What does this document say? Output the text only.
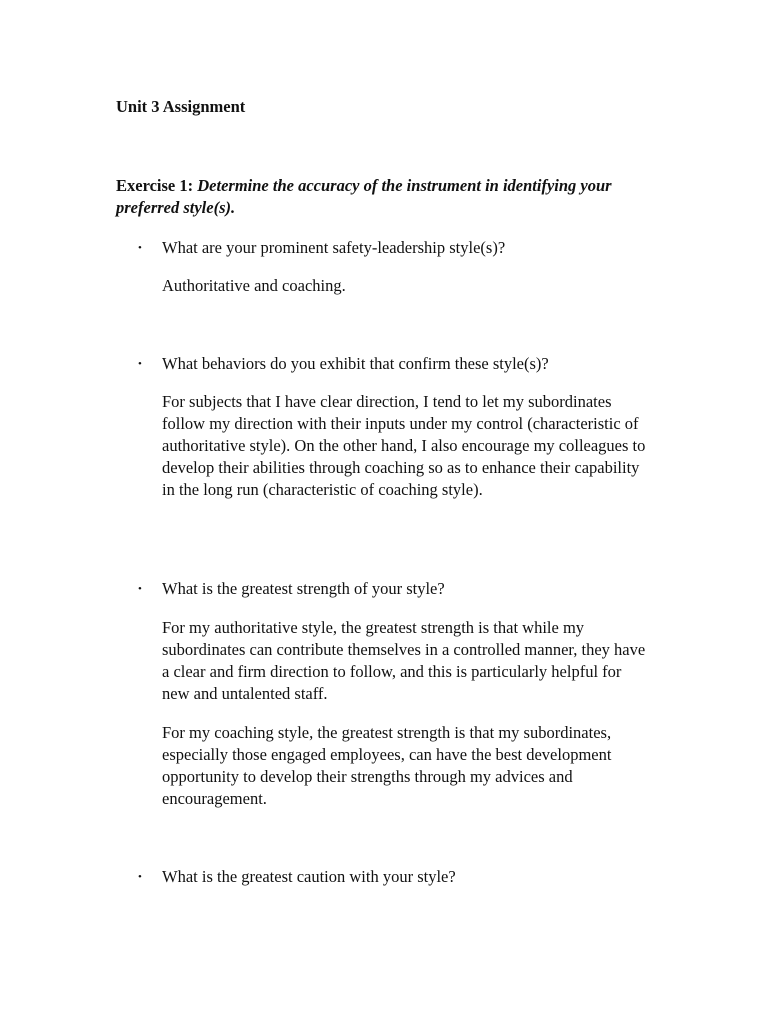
Unit 3 Assignment

Exercise 1: Determine the accuracy of the instrument in identifying your preferred style(s).

•	What are your prominent safety-leadership style(s)?

Authoritative and coaching.

•	What behaviors do you exhibit that confirm these style(s)?

For subjects that I have clear direction, I tend to let my subordinates follow my direction with their inputs under my control (characteristic of authoritative style). On the other hand, I also encourage my colleagues to develop their abilities through coaching so as to enhance their capability in the long run (characteristic of coaching style).

•	What is the greatest strength of your style?

For my authoritative style, the greatest strength is that while my subordinates can contribute themselves in a controlled manner, they have a clear and firm direction to follow, and this is particularly helpful for new and untalented staff.

For my coaching style, the greatest strength is that my subordinates, especially those engaged employees, can have the best development opportunity to develop their strengths through my advices and encouragement.

•	What is the greatest caution with your style?
